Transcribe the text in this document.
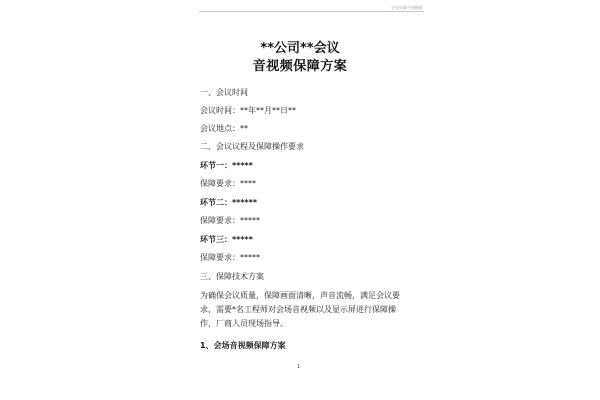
企业质量手册模板
**公司**会议
音视频保障方案
一、会议时间
会议时间：**年**月**日**
会议地点：**
二、会议议程及保障操作要求
环节一：*****
保障要求：****
环节二：******
保障要求：*****
环节三：*****
保障要求：*****
三、保障技术方案
为确保会议质量，保障画面清晰，声音流畅，满足会议要求，需要*名工程师对会场音视频以及显示屏进行保障操作，厂商人员现场指导。
1、会场音视频保障方案
1
